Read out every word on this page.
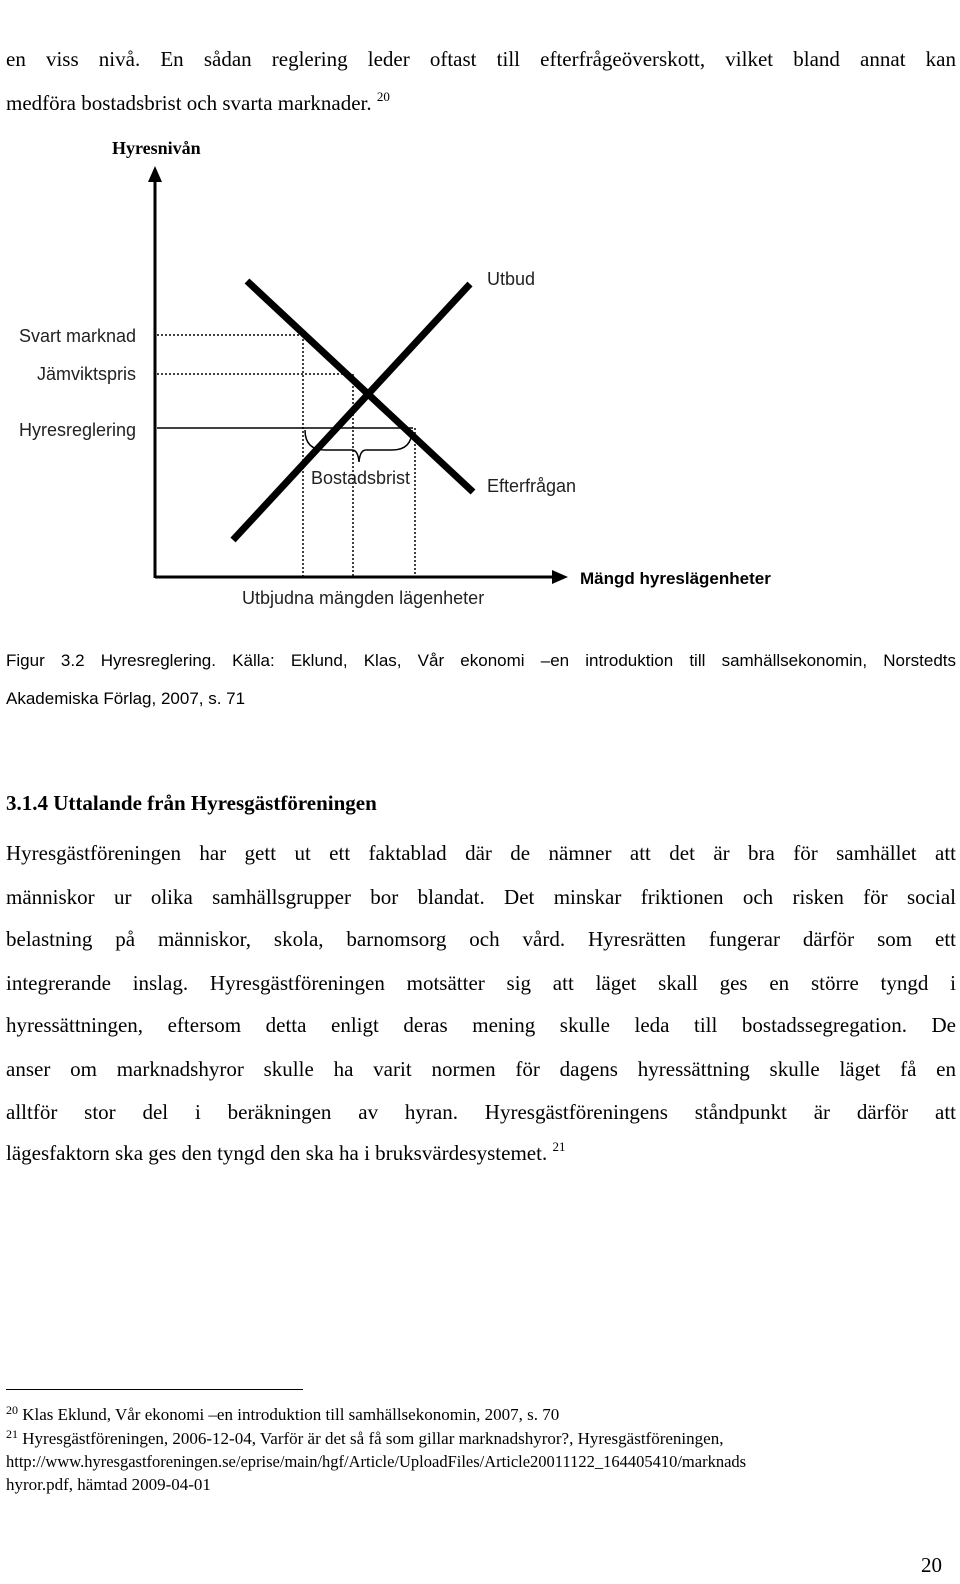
en viss nivå. En sådan reglering leder oftast till efterfrågeöverskott, vilket bland annat kan
medföra bostadsbrist och svarta marknader. $^{20}$
Hyresnivån
Utbud
Svart marknad
Jämviktspris
Hyresreglering
Bostadsbrist	Efterfrågan
Mängd hyreslägenheter
Utbjudna mängden lägenheter
Figur 3.2 Hyresreglering. Källa: Eklund, Klas, Vår ekonomi –en introduktion till samhällsekonomin, Norstedts
Akademiska Förlag, 2007, s. 71
3.1.4 Uttalande från Hyresgästföreningen
Hyresgästföreningen har gett ut ett faktablad där de nämner att det är bra för samhället att
människor ur olika samhällsgrupper bor blandat. Det minskar friktionen och risken för social
belastning på människor, skola, barnomsorg och vård. Hyresrätten fungerar därför som ett
integrerande inslag. Hyresgästföreningen motsätter sig att läget skall ges en större tyngd i
hyressättningen, eftersom detta enligt deras mening skulle leda till bostadssegregation. De
anser om marknadshyror skulle ha varit normen för dagens hyressättning skulle läget få en
alltför stor del i beräkningen av hyran. Hyresgästföreningens ståndpunkt är därför att
lägesfaktorn ska ges den tyngd den ska ha i bruksvärdesystemet. $^{21}$
$^{20}$ Klas Eklund, Vår ekonomi –en introduktion till samhällsekonomin, 2007, s. 70
$^{21}$ Hyresgästföreningen, 2006-12-04, Varför är det så få som gillar marknadshyror?, Hyresgästföreningen,
http://www.hyresgastforeningen.se/eprise/main/hgf/Article/UploadFiles/Article20011122_164405410/marknads
hyror.pdf, hämtad 2009-04-01
20
